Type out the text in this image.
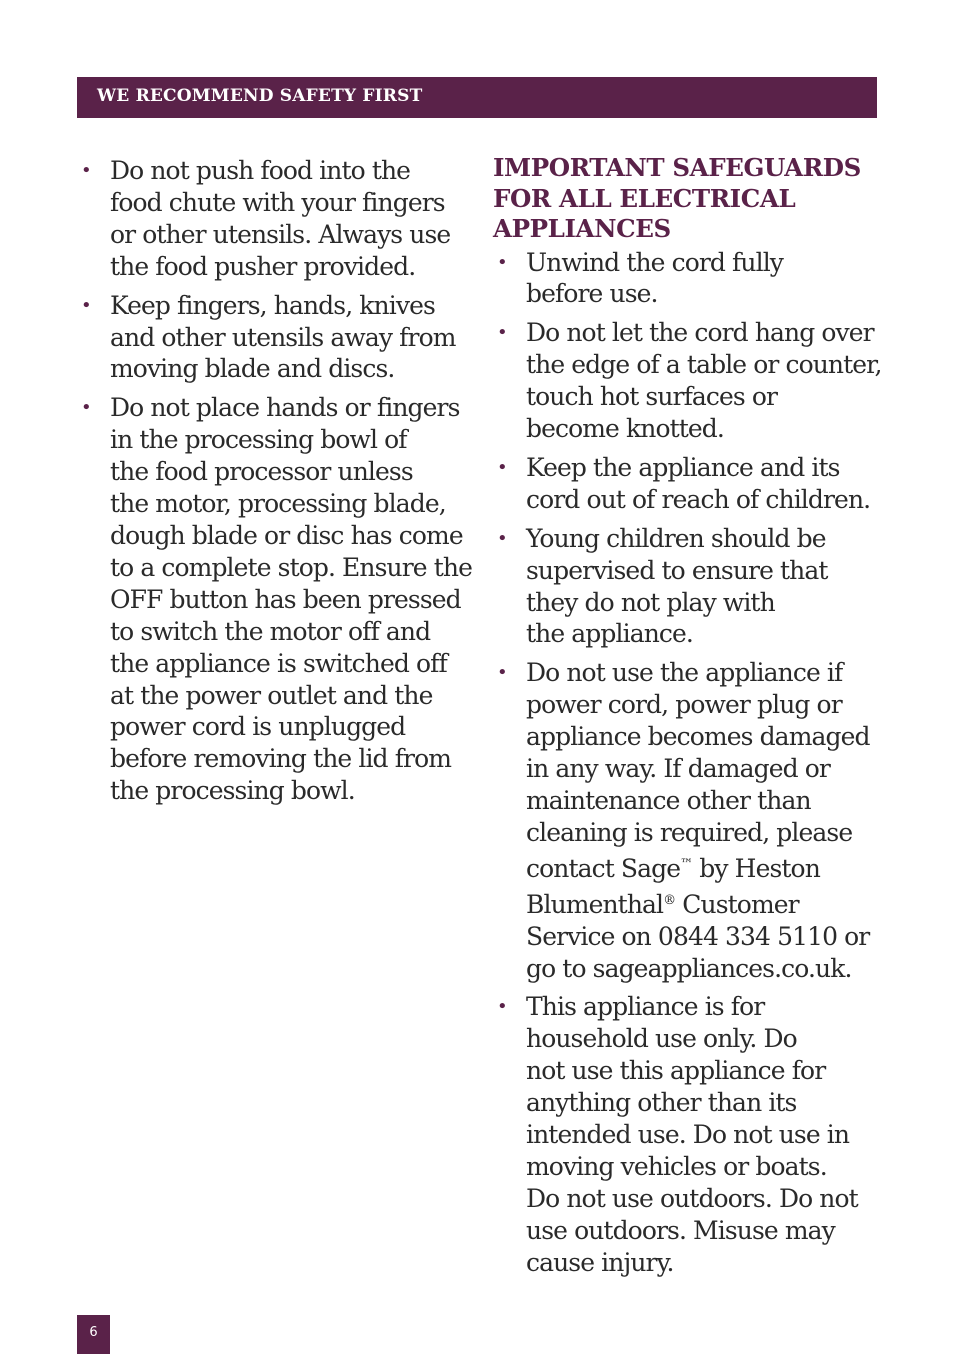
WE RECOMMEND SAFETY FIRST
• Do not push food into the
food chute with your fingers
or other utensils. Always use
the food pusher provided.
• Keep fingers, hands, knives
and other utensils away from
moving blade and discs.
• Do not place hands or fingers
in the processing bowl of
the food processor unless
the motor, processing blade,
dough blade or disc has come
to a complete stop. Ensure the
OFF button has been pressed
to switch the motor off and
the appliance is switched off
at the power outlet and the
power cord is unplugged
before removing the lid from
the processing bowl.
IMPORTANT SAFEGUARDS
FOR ALL ELECTRICAL
APPLIANCES
• Unwind the cord fully
before use.
• Do not let the cord hang over
the edge of a table or counter,
touch hot surfaces or
become knotted.
• Keep the appliance and its
cord out of reach of children.
• Young children should be
supervised to ensure that
they do not play with
the appliance.
• Do not use the appliance if
power cord, power plug or
appliance becomes damaged
in any way. If damaged or
maintenance other than
cleaning is required, please
contact Sage™ by Heston
Blumenthal® Customer
Service on 0844 334 5110 or
go to sageappliances.co.uk.
• This appliance is for
household use only. Do
not use this appliance for
anything other than its
intended use. Do not use in
moving vehicles or boats.
Do not use outdoors. Do not
use outdoors. Misuse may
cause injury.
6
